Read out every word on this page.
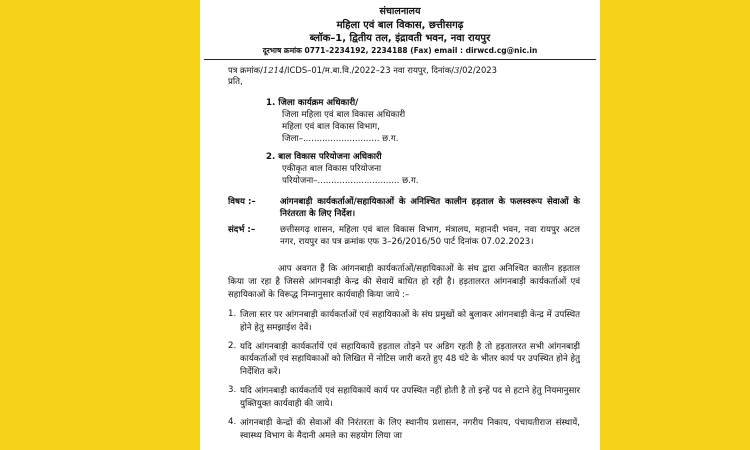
संचालनालय
महिला एवं बाल विकास, छत्तीसगढ़
ब्लॉक–1, द्वितीय तल, इंद्रावती भवन, नवा रायपुर
दूरभाष क्रमांक 0771–2234192, 2234188 (Fax) email : dirwcd.cg@nic.in
पत्र क्रमांक/1214/ICDS–01/म.बा.वि./2022–23 नवा रायपुर, दिनांक/3/02/2023
प्रति,
1. जिला कार्यक्रम अधिकारी/
जिला महिला एवं बाल विकास अधिकारी
महिला एवं बाल विकास विभाग,
जिला–............................ छ.ग.
2. बाल विकास परियोजना अधिकारी
एकीकृत बाल विकास परियोजना
परियोजना–.............................. छ.ग.
विषय :–	आंगनबाड़ी कार्यकर्ताओं/सहायिकाओं के अनिश्चित कालीन हड़ताल के फलस्वरूप सेवाओं के निरंतरता के लिए निर्देश।
संदर्भ :–	छत्तीसगढ़ शासन, महिला एवं बाल विकास विभाग, मंत्रालय, महानदी भवन, नवा रायपुर अटल नगर, रायपुर का पत्र क्रमांक एफ 3–26/2016/50 पार्ट दिनांक 07.02.2023।
आप अवगत हैं कि आंगनबाड़ी कार्यकर्ताओं/सहायिकाओं के संघ द्वारा अनिश्चित कालीन हड़ताल किया जा रहा है जिससे आंगनबाड़ी केन्द्र की सेवायें बाधित हो रही है। हड़तालरत आंगनबाड़ी कार्यकर्ताओं एवं सहायिकाओं के विरूद्ध निम्नानुसार कार्यवाही किया जाये :–
1. जिला स्तर पर आंगनबाड़ी कार्यकर्ताओं एवं सहायिकाओं के संघ प्रमुखों को बुलाकर आंगनबाड़ी केन्द्र में उपस्थित होने हेतु समझाईश देवें।
2. यदि आंगनबाड़ी कार्यकर्तायें एवं सहायिकायें हड़ताल तोड़ने पर अडिग रहती है तो हड़तालरत सभी आंगनबाड़ी कार्यकर्ताओं एवं सहायिकाओं को लिखित में नोटिस जारी करते हुए 48 घंटे के भीतर कार्य पर उपस्थित होने हेतु निर्देशित करें।
3. यदि आंगनबाड़ी कार्यकर्तायें एवं सहायिकायें कार्य पर उपस्थित नहीं होती है तो इन्हें पद से हटाने हेतु नियमानुसार युक्तियुक्त कार्यवाही की जाये।
4. आंगनबाड़ी केन्द्रों की सेवाओं की निरंतरता के लिए स्थानीय प्रशासन, नगरीय निकाय, पंचायतीराज संस्थायें, स्वास्थ्य विभाग के मैदानी अमले का सहयोग लिया जा
